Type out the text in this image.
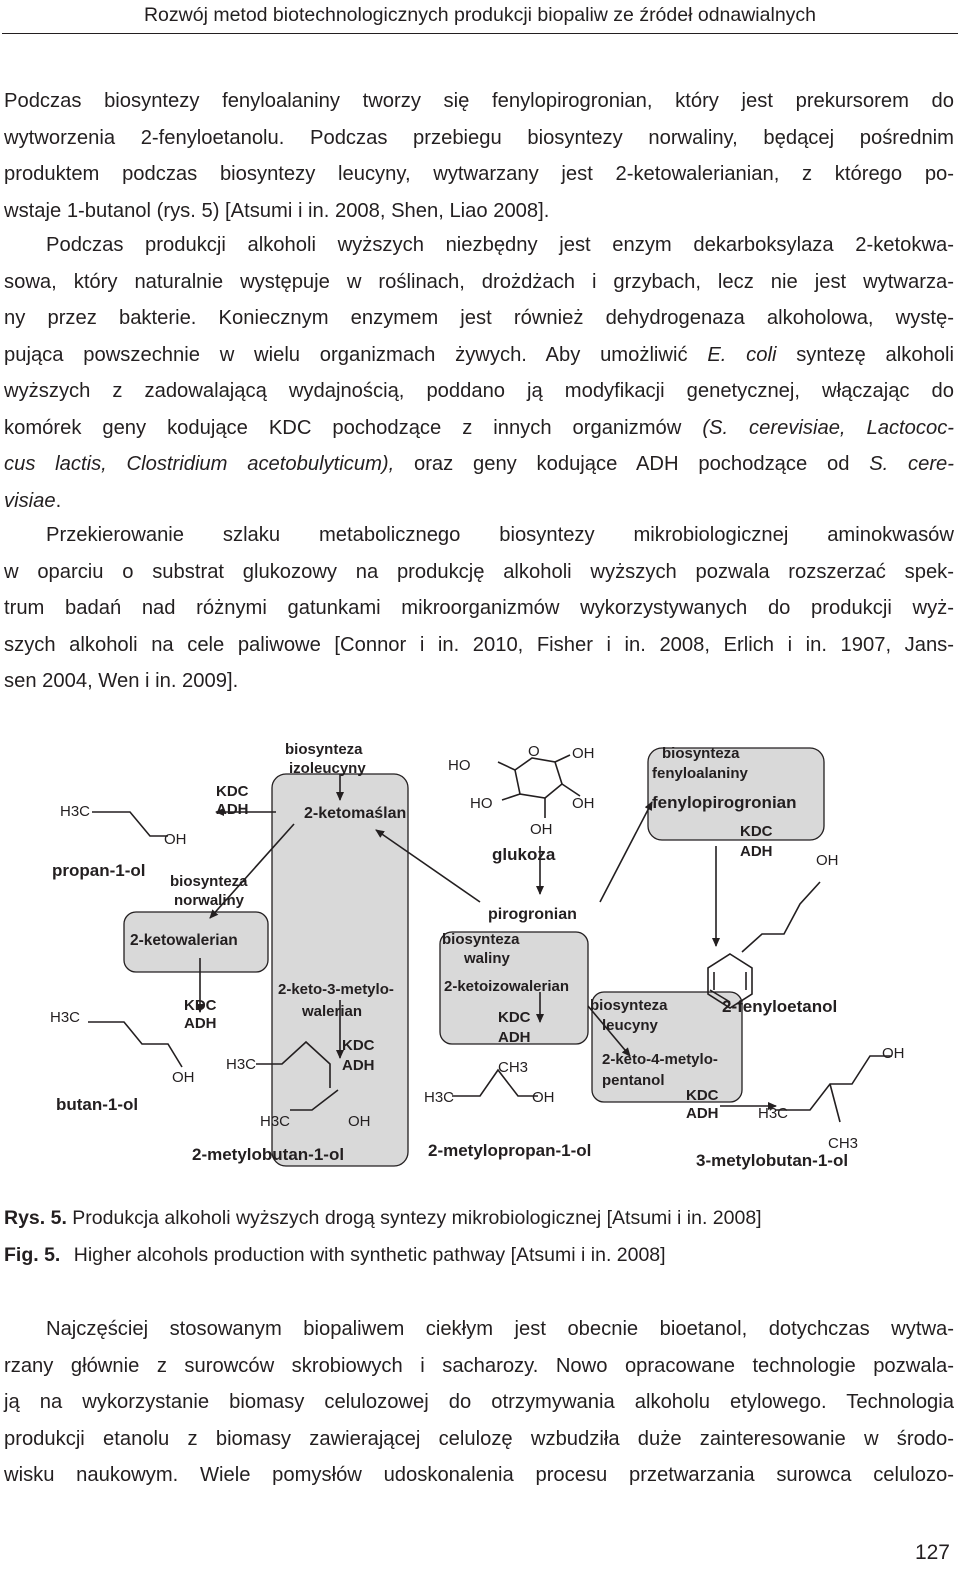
Rozwój metod biotechnologicznych produkcji biopaliw ze źródeł odnawialnych
Podczas biosyntezy fenyloalaniny tworzy się fenylopirogronian, który jest prekursorem do
wytworzenia 2-fenyloetanolu. Podczas przebiegu biosyntezy norwaliny, będącej pośrednim
produktem podczas biosyntezy leucyny, wytwarzany jest 2-ketowalerianian, z którego po-
wstaje 1-butanol (rys. 5) [Atsumi i in. 2008, Shen, Liao 2008].
Podczas produkcji alkoholi wyższych niezbędny jest enzym dekarboksylaza 2-ketokwa-
sowa, który naturalnie występuje w roślinach, drożdżach i grzybach, lecz nie jest wytwarza-
ny przez bakterie. Koniecznym enzymem jest również dehydrogenaza alkoholowa, wystę-
pująca powszechnie w wielu organizmach żywych. Aby umożliwić E. coli syntezę alkoholi
wyższych z zadowalającą wydajnością, poddano ją modyfikacji genetycznej, włączając do
komórek geny kodujące KDC pochodzące z innych organizmów (S. cerevisiae, Lactococ-
cus lactis, Clostridium acetobulyticum), oraz geny kodujące ADH pochodzące od S. cere-
visiae.
Przekierowanie szlaku metabolicznego biosyntezy mikrobiologicznej aminokwasów
w oparciu o substrat glukozowy na produkcję alkoholi wyższych pozwala rozszerzać spek-
trum badań nad różnymi gatunkami mikroorganizmów wykorzystywanych do produkcji wyż-
szych alkoholi na cele paliwowe [Connor i in. 2010, Fisher i in. 2008, Erlich i in. 1907, Jans-
sen 2004, Wen i in. 2009].
biosynteza
izoleucyny
2-ketomaślan
KDC
ADH
H3C
OH
propan-1-ol
biosynteza
norwaliny
2-ketowalerian
2-keto-3-metylo-
walerian
KDC
ADH
H3C
OH
butan-1-ol
KDC
ADH
H3C
H3C	OH
2-metylobutan-1-ol
HO
O OH
HO	OH
OH
glukoza
pirogronian
biosynteza
waliny
2-ketoizowalerian
KDC
ADH
CH3
H3C	OH
2-metylopropan-1-ol
biosynteza
fenyloalaniny
fenylopirogronian
KDC
ADH
OH
2-fenyloetanol
biosynteza
leucyny
2-keto-4-metylo-
pentanol
KDC
ADH
OH
H3C
CH3
3-metylobutan-1-ol
Rys. 5. Produkcja alkoholi wyższych drogą syntezy mikrobiologicznej [Atsumi i in. 2008]
Fig. 5. Higher alcohols production with synthetic pathway [Atsumi i in. 2008]
Najczęściej stosowanym biopaliwem ciekłym jest obecnie bioetanol, dotychczas wytwa-
rzany głównie z surowców skrobiowych i sacharozy. Nowo opracowane technologie pozwala-
ją na wykorzystanie biomasy celulozowej do otrzymywania alkoholu etylowego. Technologia
produkcji etanolu z biomasy zawierającej celulozę wzbudziła duże zainteresowanie w środo-
wisku naukowym. Wiele pomysłów udoskonalenia procesu przetwarzania surowca celulozo-
127
